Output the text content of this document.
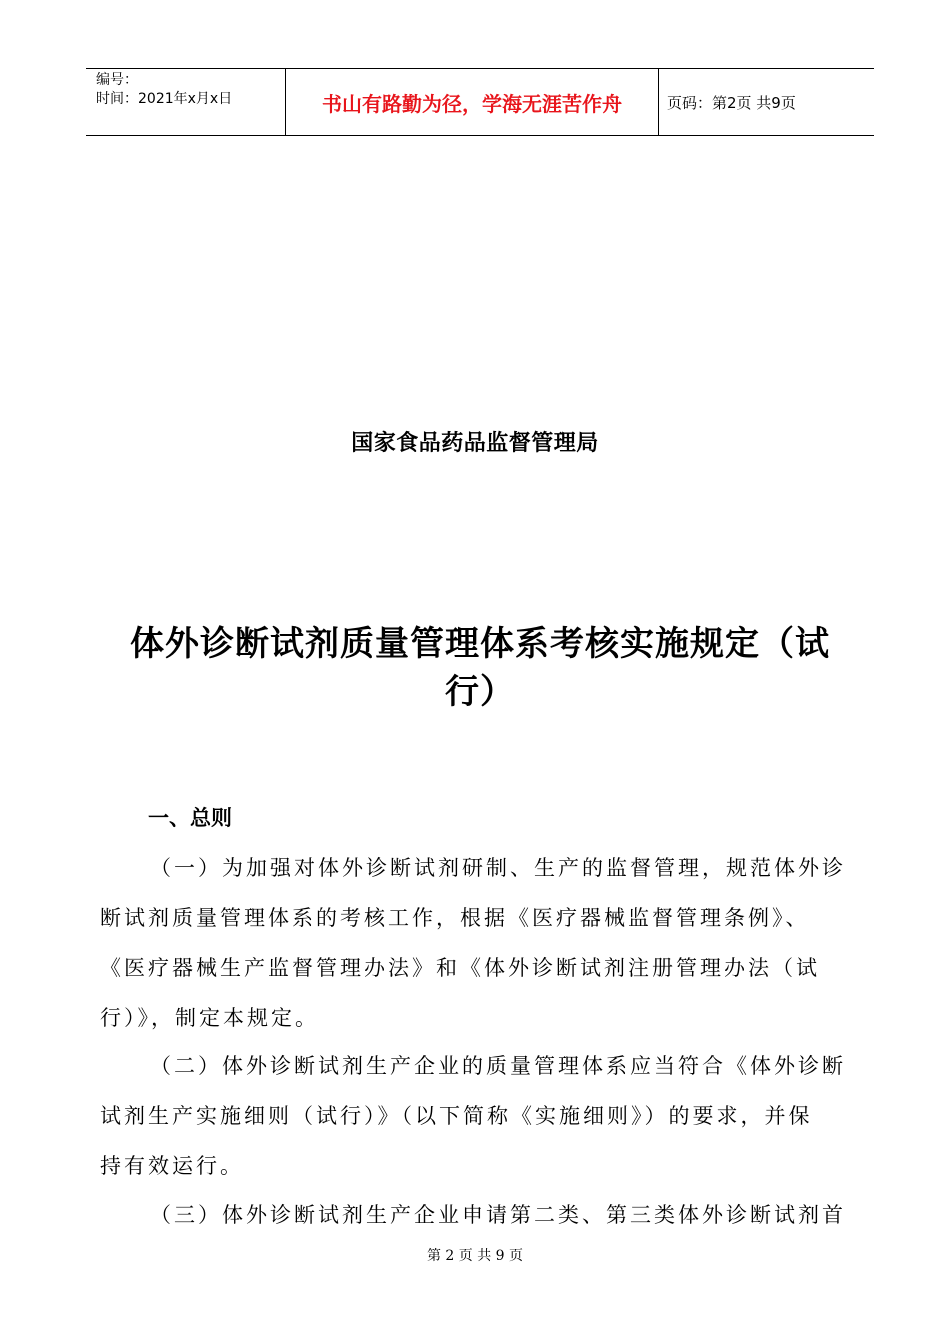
编号：
时间：2021年x月x日	书山有路勤为径，学海无涯苦作舟	页码：第2页 共9页
国家食品药品监督管理局
体外诊断试剂质量管理体系考核实施规定（试
行）
一、总则
（一）为加强对体外诊断试剂研制、生产的监督管理，规范体外诊
断试剂质量管理体系的考核工作，根据《医疗器械监督管理条例》、
《医疗器械生产监督管理办法》和《体外诊断试剂注册管理办法（试
行）》，制定本规定。
（二）体外诊断试剂生产企业的质量管理体系应当符合《体外诊断
试剂生产实施细则（试行）》（以下简称《实施细则》）的要求，并保
持有效运行。
（三）体外诊断试剂生产企业申请第二类、第三类体外诊断试剂首
第 2 页 共 9 页
